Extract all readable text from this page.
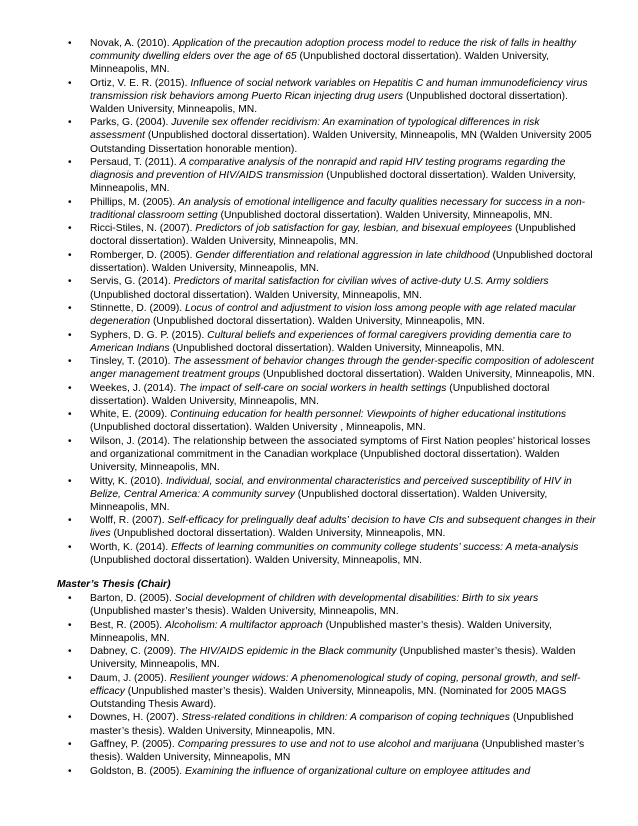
• Novak, A. (2010). Application of the precaution adoption process model to reduce the risk of falls in healthy community dwelling elders over the age of 65 (Unpublished doctoral dissertation). Walden University, Minneapolis, MN.
• Ortiz, V. E. R. (2015). Influence of social network variables on Hepatitis C and human immunodeficiency virus transmission risk behaviors among Puerto Rican injecting drug users (Unpublished doctoral dissertation). Walden University, Minneapolis, MN.
• Parks, G. (2004). Juvenile sex offender recidivism: An examination of typological differences in risk assessment (Unpublished doctoral dissertation). Walden University, Minneapolis, MN (Walden University 2005 Outstanding Dissertation honorable mention).
• Persaud, T. (2011). A comparative analysis of the nonrapid and rapid HIV testing programs regarding the diagnosis and prevention of HIV/AIDS transmission (Unpublished doctoral dissertation). Walden University, Minneapolis, MN.
• Phillips, M. (2005). An analysis of emotional intelligence and faculty qualities necessary for success in a non-traditional classroom setting (Unpublished doctoral dissertation). Walden University, Minneapolis, MN.
• Ricci-Stiles, N. (2007). Predictors of job satisfaction for gay, lesbian, and bisexual employees (Unpublished doctoral dissertation). Walden University, Minneapolis, MN.
• Romberger, D. (2005). Gender differentiation and relational aggression in late childhood (Unpublished doctoral dissertation). Walden University, Minneapolis, MN.
• Servis, G. (2014). Predictors of marital satisfaction for civilian wives of active-duty U.S. Army soldiers (Unpublished doctoral dissertation). Walden University, Minneapolis, MN.
• Stinnette, D. (2009). Locus of control and adjustment to vision loss among people with age related macular degeneration (Unpublished doctoral dissertation). Walden University, Minneapolis, MN.
• Syphers, D. G. P. (2015). Cultural beliefs and experiences of formal caregivers providing dementia care to American Indians (Unpublished doctoral dissertation). Walden University, Minneapolis, MN.
• Tinsley, T. (2010). The assessment of behavior changes through the gender-specific composition of adolescent anger management treatment groups (Unpublished doctoral dissertation). Walden University, Minneapolis, MN.
• Weekes, J. (2014). The impact of self-care on social workers in health settings (Unpublished doctoral dissertation). Walden University, Minneapolis, MN.
• White, E. (2009). Continuing education for health personnel: Viewpoints of higher educational institutions (Unpublished doctoral dissertation). Walden University , Minneapolis, MN.
• Wilson, J. (2014). The relationship between the associated symptoms of First Nation peoples’ historical losses and organizational commitment in the Canadian workplace (Unpublished doctoral dissertation). Walden University, Minneapolis, MN.
• Witty, K. (2010). Individual, social, and environmental characteristics and perceived susceptibility of HIV in Belize, Central America: A community survey (Unpublished doctoral dissertation). Walden University, Minneapolis, MN.
• Wolff, R. (2007). Self-efficacy for prelingually deaf adults’ decision to have CIs and subsequent changes in their lives (Unpublished doctoral dissertation). Walden University, Minneapolis, MN.
• Worth, K. (2014). Effects of learning communities on community college students’ success: A meta-analysis (Unpublished doctoral dissertation). Walden University, Minneapolis, MN.
Master’s Thesis (Chair)
• Barton, D. (2005). Social development of children with developmental disabilities: Birth to six years (Unpublished master’s thesis). Walden University, Minneapolis, MN.
• Best, R. (2005). Alcoholism: A multifactor approach (Unpublished master’s thesis). Walden University, Minneapolis, MN.
• Dabney, C. (2009). The HIV/AIDS epidemic in the Black community (Unpublished master’s thesis). Walden University, Minneapolis, MN.
• Daum, J. (2005). Resilient younger widows: A phenomenological study of coping, personal growth, and self-efficacy (Unpublished master’s thesis). Walden University, Minneapolis, MN. (Nominated for 2005 MAGS Outstanding Thesis Award).
• Downes, H. (2007). Stress-related conditions in children: A comparison of coping techniques (Unpublished master’s thesis). Walden University, Minneapolis, MN.
• Gaffney, P. (2005). Comparing pressures to use and not to use alcohol and marijuana (Unpublished master’s thesis). Walden University, Minneapolis, MN
• Goldston, B. (2005). Examining the influence of organizational culture on employee attitudes and
